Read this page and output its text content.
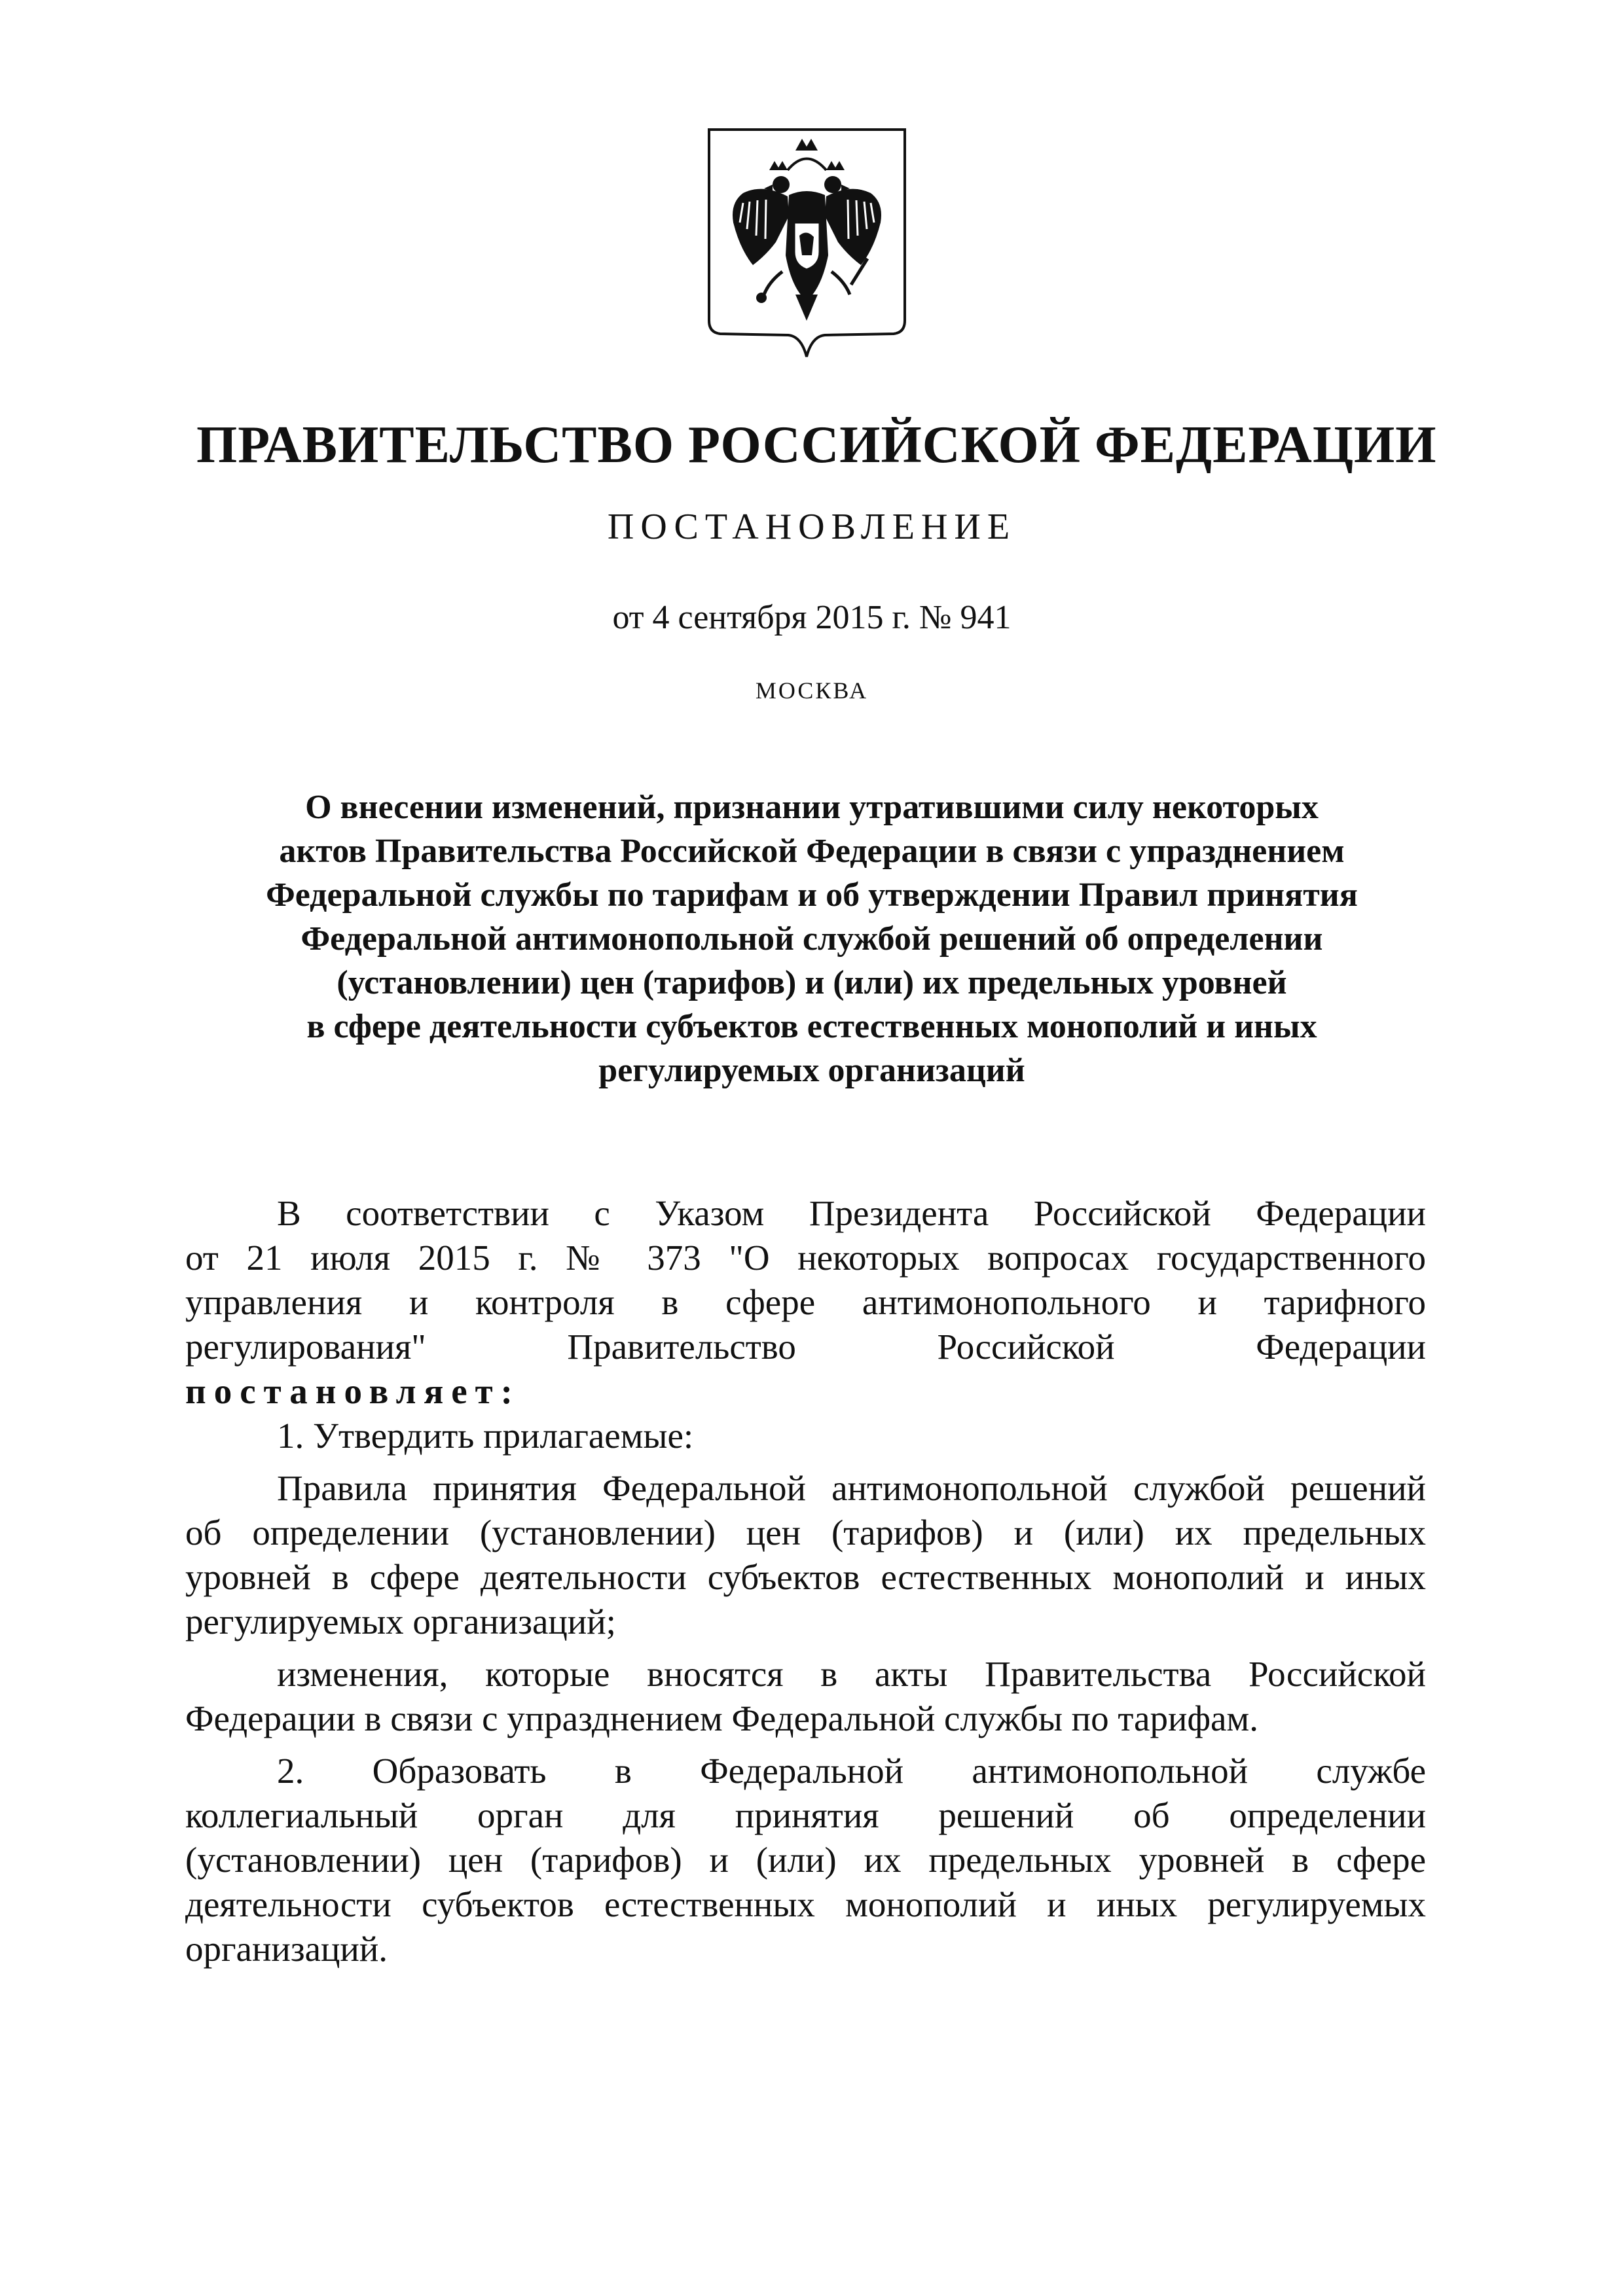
ПРАВИТЕЛЬСТВО РОССИЙСКОЙ ФЕДЕРАЦИИ
ПОСТАНОВЛЕНИЕ
от 4 сентября 2015 г. № 941
МОСКВА
О внесении изменений, признании утратившими силу некоторых
актов Правительства Российской Федерации в связи с упразднением
Федеральной службы по тарифам и об утверждении Правил принятия
Федеральной антимонопольной службой решений об определении
(установлении) цен (тарифов) и (или) их предельных уровней
в сфере деятельности субъектов естественных монополий и иных
регулируемых организаций
В соответствии с Указом Президента Российской Федерации
от 21 июля 2015 г. № 373 "О некоторых вопросах государственного
управления и контроля в сфере антимонопольного и тарифного
регулирования" Правительство Российской Федерации
постановляет:
1. Утвердить прилагаемые:
Правила принятия Федеральной антимонопольной службой решений
об определении (установлении) цен (тарифов) и (или) их предельных
уровней в сфере деятельности субъектов естественных монополий и иных
регулируемых организаций;
изменения, которые вносятся в акты Правительства Российской
Федерации в связи с упразднением Федеральной службы по тарифам.
2. Образовать в Федеральной антимонопольной службе
коллегиальный орган для принятия решений об определении
(установлении) цен (тарифов) и (или) их предельных уровней в сфере
деятельности субъектов естественных монополий и иных регулируемых
организаций.
